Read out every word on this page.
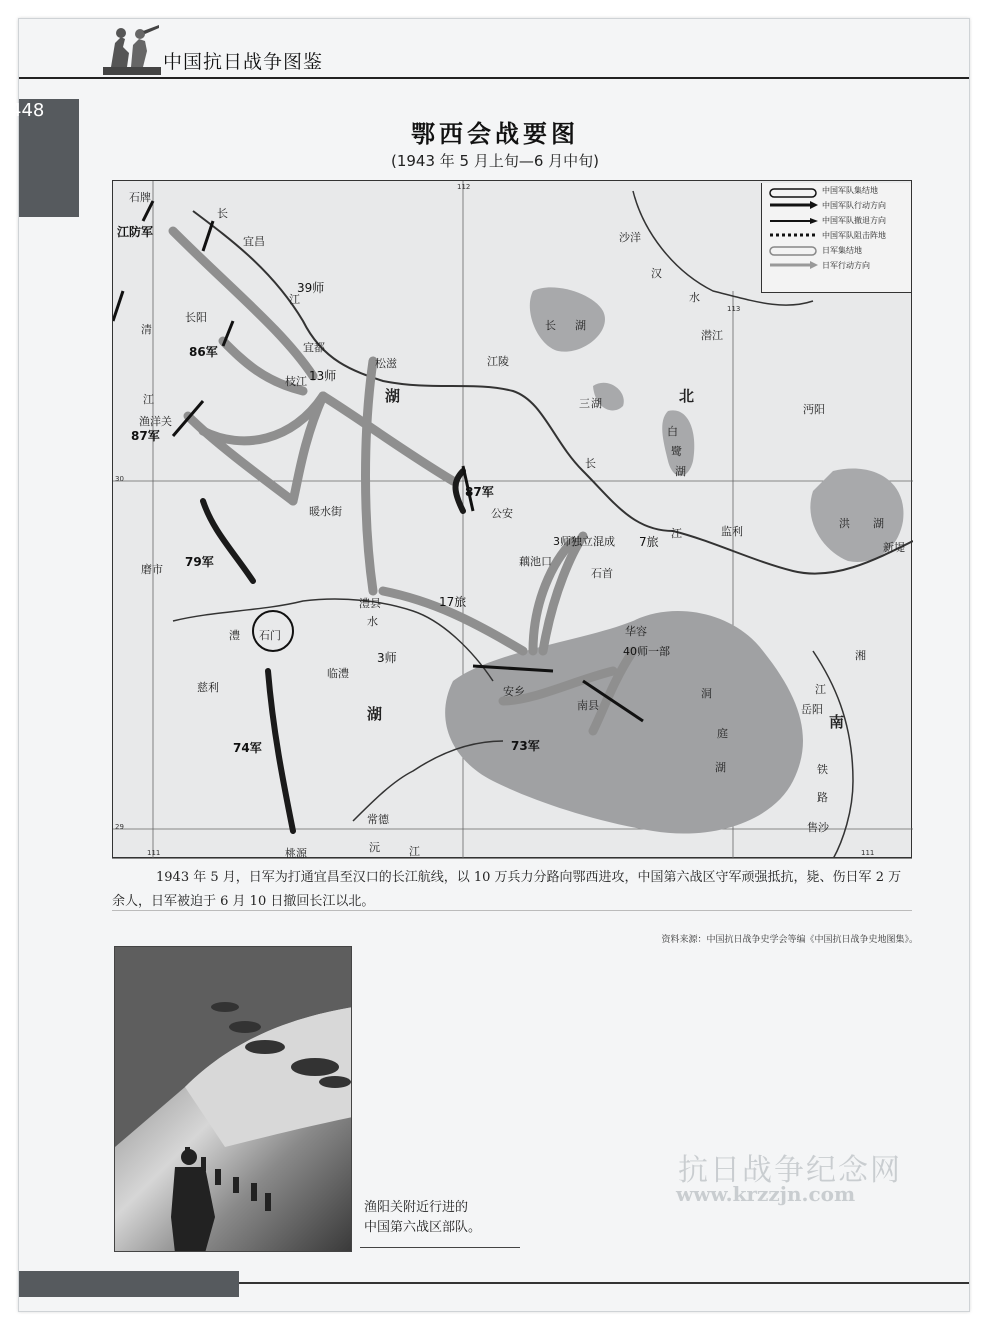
中国抗日战争图鉴
448
鄂西会战要图
(1943 年 5 月上旬—6 月中旬)
中国军队集结地
中国军队行动方向
中国军队撤退方向
中国军队阻击阵地
日军集结地
日军行动方向
112
113
30
29
111	111
石牌
宜昌
长阳
宜都
枝江
松滋
渔洋关
暖水街	公安
江陵
沙洋
潜江
监利
沔阳
藕池口
石首
华容
南县
安乡
澧县
石门
慈利
临澧
常德
岳阳
新堤
磨市
桃源
售沙
江防军
39师
86军
13师
87军
87军
79军
74军	73军
17旅
3师
3师独立混成 7旅
40师一部
湖	北
湖	南
长
江
长
江
汉
水
清
江
澧
水
沅	江
洞
庭
湖
白
鹭
湖
三 湖
长 湖
洪 湖
湘
江
铁
路
1943 年 5 月，日军为打通宜昌至汉口的长江航线，以 10 万兵力分路向鄂西进攻，中国第六战区守军顽强抵抗，毙、伤日军 2 万余人，日军被迫于 6 月 10 日撤回长江以北。
资料来源：中国抗日战争史学会等编《中国抗日战争史地图集》。
渔阳关附近行进的
中国第六战区部队。
抗日战争纪念网
www.krzzjn.com
